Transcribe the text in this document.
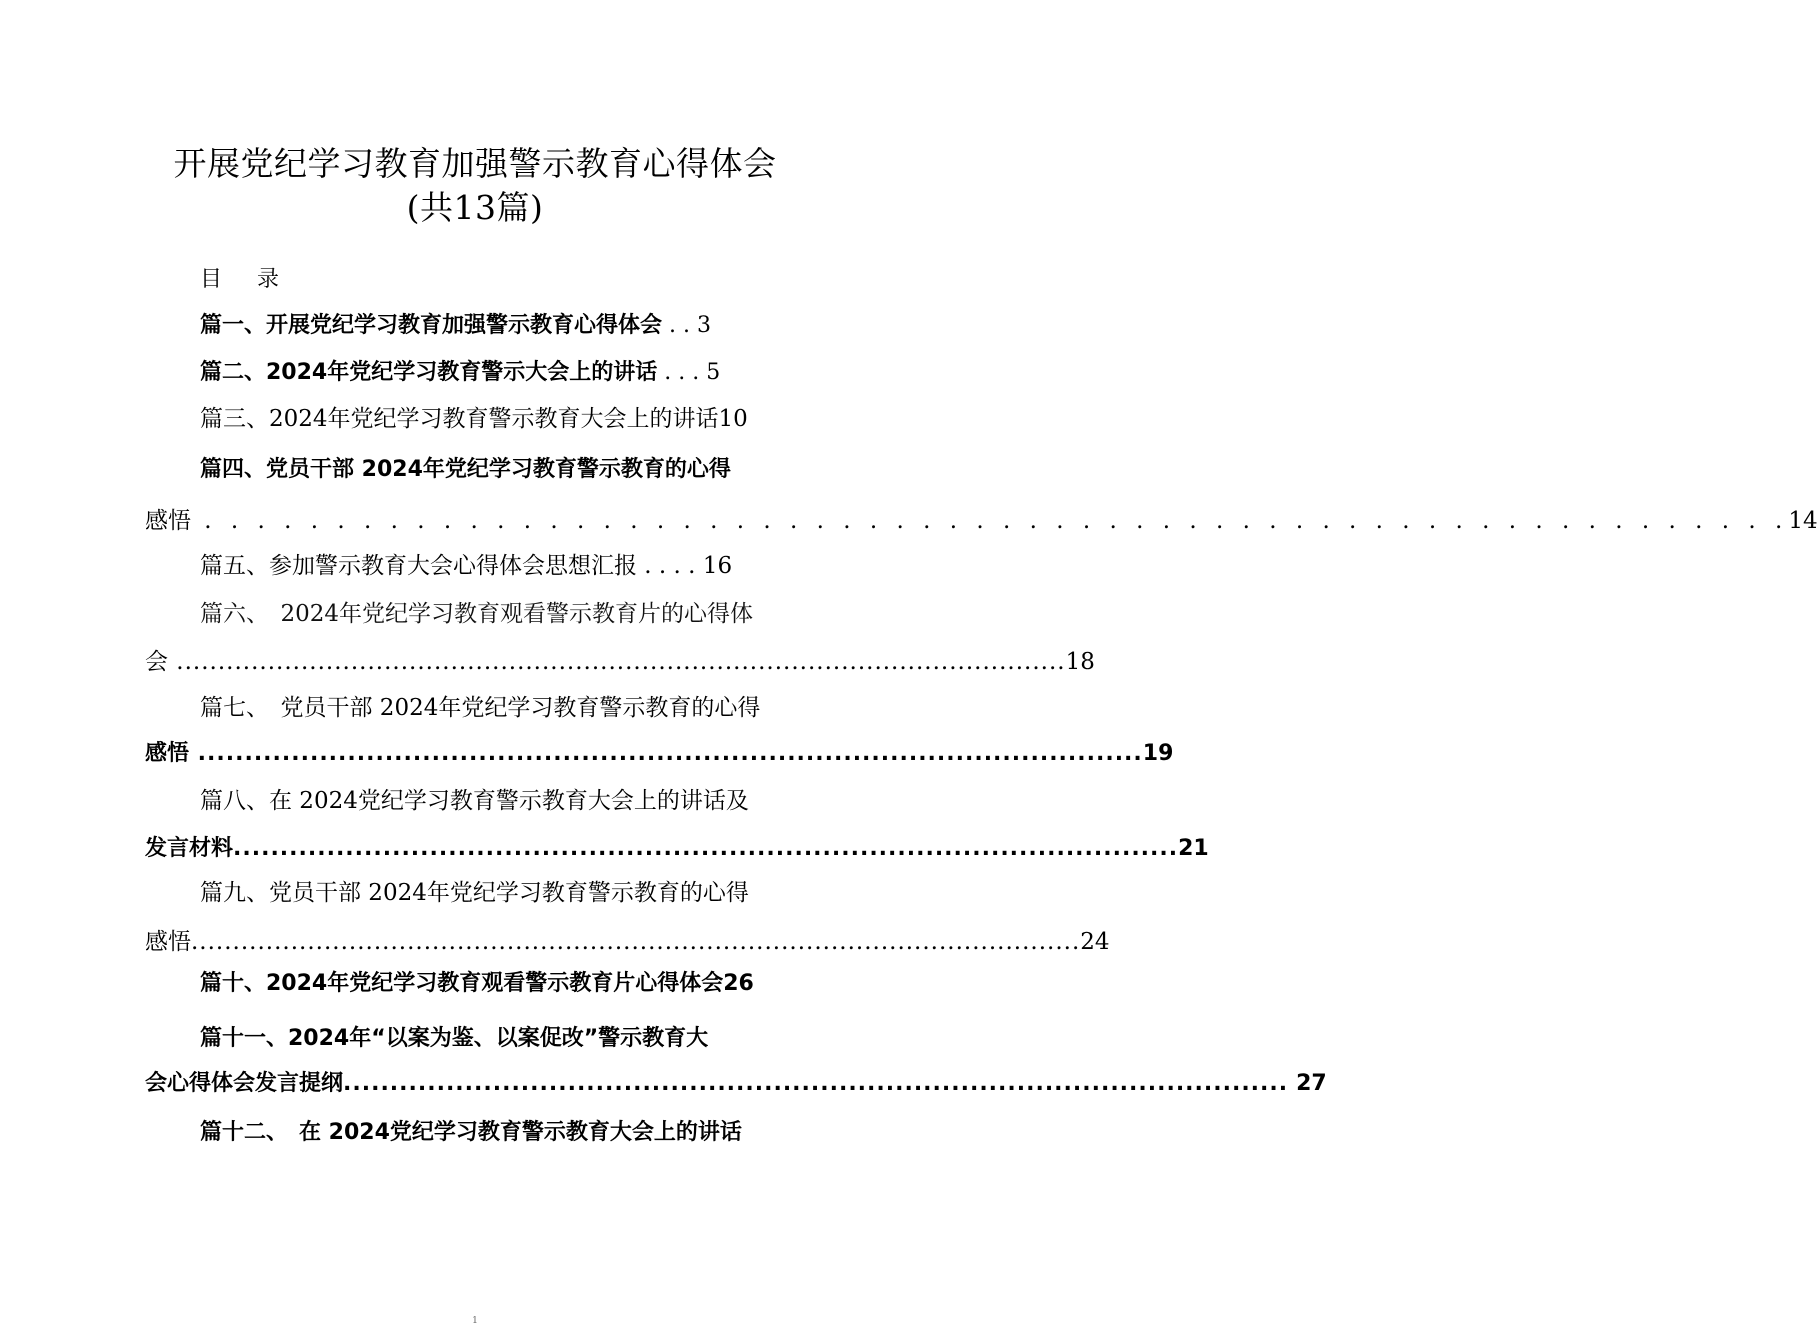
开展党纪学习教育加强警示教育心得体会
(共13篇)
目 录
篇一、开展党纪学习教育加强警示教育心得体会 . . 3
篇二、2024年党纪学习教育警示大会上的讲话 . . . 5
篇三、2024年党纪学习教育警示教育大会上的讲话10
篇四、党员干部 2024年党纪学习教育警示教育的心得
感悟 . . . . . . . . . . . . . . . . . . . . . . . . . . . . . . . . . . . . . . . . . . . . . . . . . . . . . . . . . . . . 14
篇五、参加警示教育大会心得体会思想汇报 . . . . 16
篇六、　2024年党纪学习教育观看警示教育片的心得体
会 ........................................................................................................... 18
篇七、　党员干部 2024年党纪学习教育警示教育的心得
感悟 ..................................................................................................... 19
篇八、在 2024党纪学习教育警示教育大会上的讲话及
发言材料 ..................................................................................................... 21
篇九、党员干部 2024年党纪学习教育警示教育的心得
感悟 ........................................................................................................... 24
篇十、2024年党纪学习教育观看警示教育片心得体会26
篇十一、2024年“以案为鉴、以案促改”警示教育大
会心得体会发言提纲 ..................................................................................................... 27
篇十二、　在 2024党纪学习教育警示教育大会上的讲话
1
